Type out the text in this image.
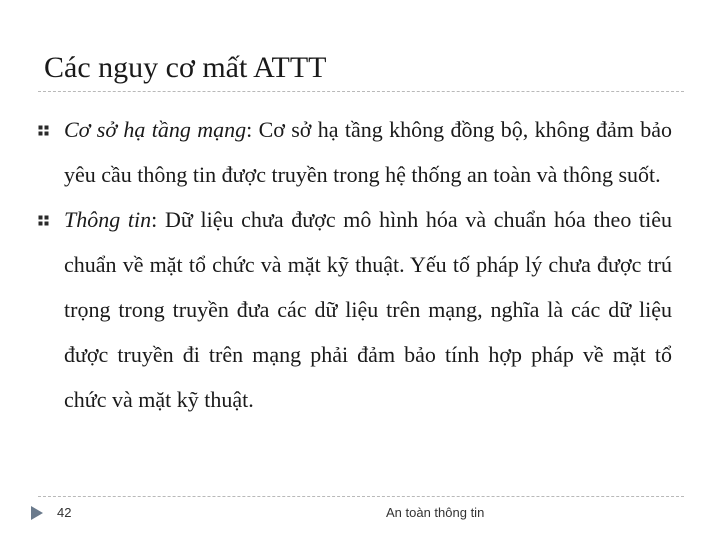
Các nguy cơ mất ATTT

Cơ sở hạ tầng mạng: Cơ sở hạ tầng không đồng bộ, không đảm bảo yêu cầu thông tin được truyền trong hệ thống an toàn và thông suốt.

Thông tin: Dữ liệu chưa được mô hình hóa và chuẩn hóa theo tiêu chuẩn về mặt tổ chức và mặt kỹ thuật. Yếu tố pháp lý chưa được trú trọng trong truyền đưa các dữ liệu trên mạng, nghĩa là các dữ liệu được truyền đi trên mạng phải đảm bảo tính hợp pháp về mặt tổ chức và mặt kỹ thuật.

42	An toàn thông tin
